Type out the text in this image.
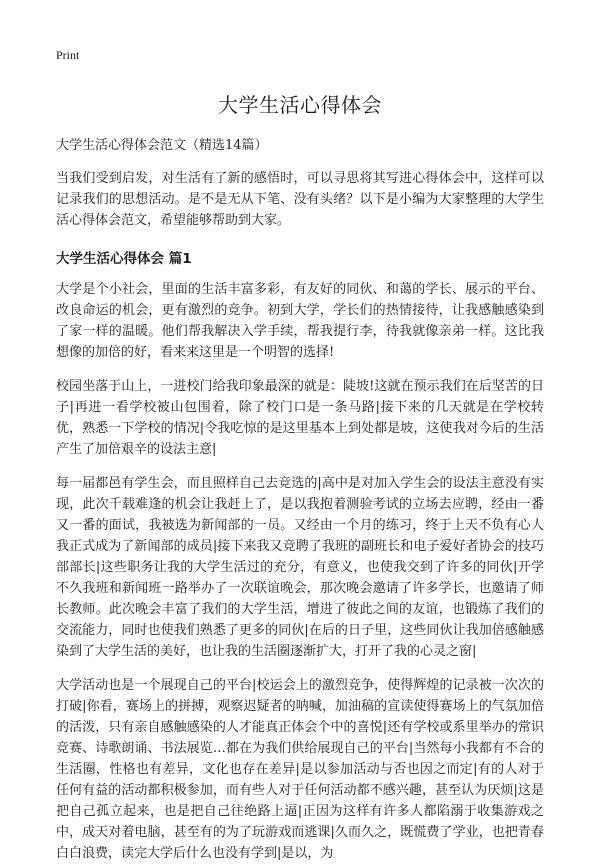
Print
大学生活心得体会
大学生活心得体会范文（精选14篇）

当我们受到启发，对生活有了新的感悟时，可以寻思将其写进心得体会中，这样可以记录我们的思想活动。是不是无从下笔、没有头绪？以下是小编为大家整理的大学生活心得体会范文，希望能够帮助到大家。

大学生活心得体会 篇1

大学是个小社会，里面的生活丰富多彩，有友好的同伙、和蔼的学长、展示的平台、改良命运的机会，更有激烈的竞争。初到大学，学长们的热情接待，让我感触感染到了家一样的温暖。他们帮我解决入学手续，帮我提行李，待我就像亲弟一样。这比我想像的加倍的好，看来来这里是一个明智的选择!

校园坐落于山上，一进校门给我印象最深的就是：陡坡!这就在预示我们在后坚苦的日子|再进一看学校被山包围着，除了校门口是一条马路|接下来的几天就是在学校转优，熟悉一下学校的情况|令我吃惊的是这里基本上到处都是坡，这使我对今后的生活产生了加倍艰辛的设法主意|

每一届都邑有学生会，而且照样自己去竞选的|高中是对加入学生会的设法主意没有实现，此次千载难逢的机会让我赶上了，是以我抱着测验考试的立场去应聘，经由一番又一番的面试，我被选为新闻部的一员。又经由一个月的练习，终于上天不负有心人我正式成为了新闻部的成员|接下来我又竞聘了我班的副班长和电子爱好者协会的技巧部部长|这些职务让我的大学生活过的充分，有意义，也使我交到了许多的同伙|开学不久我班和新闻班一路举办了一次联谊晚会，那次晚会邀请了许多学长，也邀请了师长教师。此次晚会丰富了我们的大学生活，增进了彼此之间的友谊，也锻炼了我们的交流能力，同时也使我们熟悉了更多的同伙|在后的日子里，这些同伙让我加倍感触感染到了大学生活的美好，也让我的生活圈逐渐扩大，打开了我的心灵之窗|

大学活动也是一个展现自己的平台|校运会上的激烈竞争，使得辉煌的记录被一次次的打破|你看，赛场上的拼搏，观察迟疑者的呐喊，加油稿的宣读使得赛场上的气氛加倍的活泼，只有亲自感触感染的人才能真正体会个中的喜悦|还有学校或系里举办的常识竞赛、诗歌朗诵、书法展览…都在为我们供给展现自己的平台|当然每小我都有不合的生活圈，性格也有差异，文化也存在差异|是以参加活动与否也因之而定|有的人对于任何有益的活动都积极参加，而有些人对于任何活动都不感兴趣，甚至认为厌烦|这是把自己孤立起来，也是把自己往绝路上逼|正因为这样有许多人都陷溺于收集游戏之中，成天对着电脑，甚至有的为了玩游戏而逃课|久而久之，既慌费了学业，也把青春白白浪费，读完大学后什么也没有学到|是以，为
